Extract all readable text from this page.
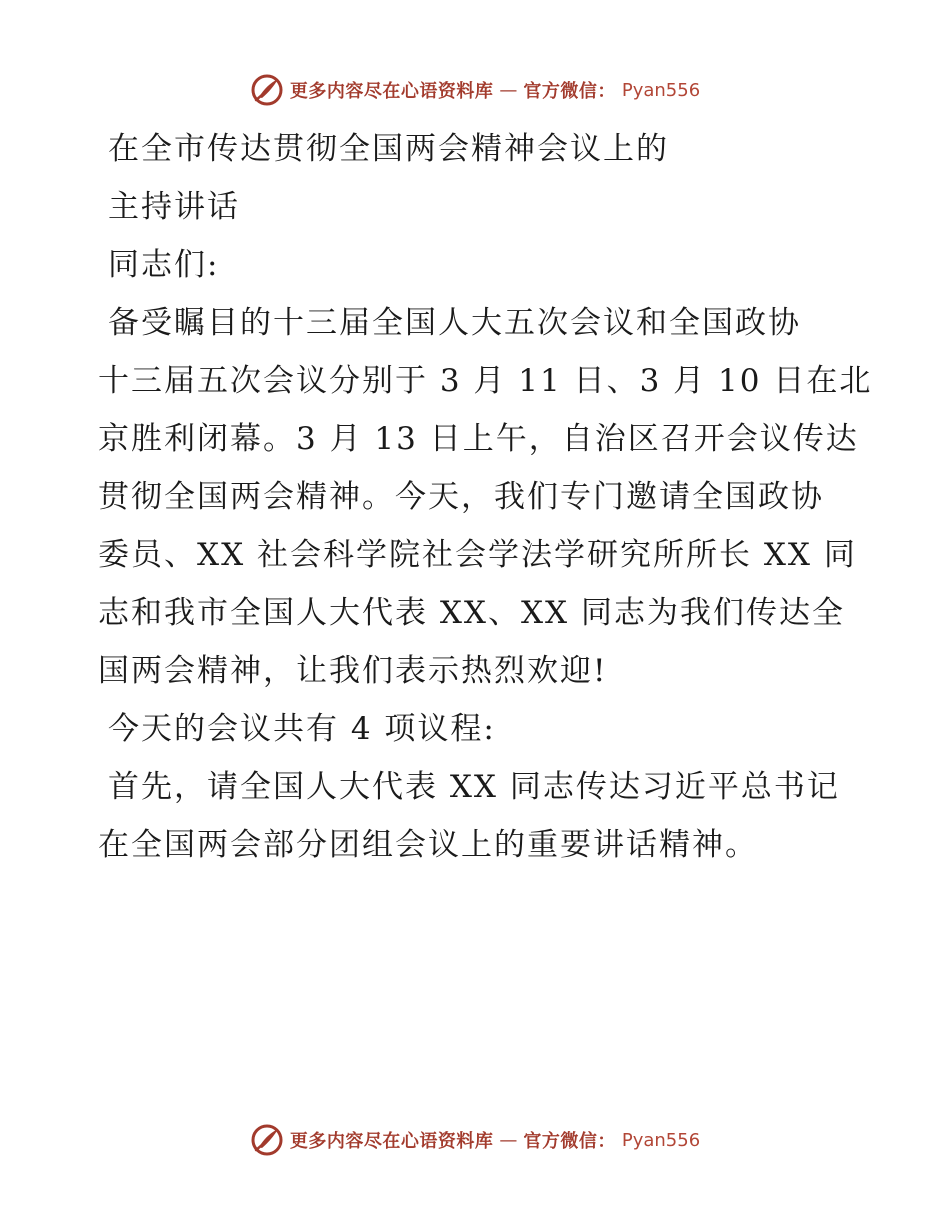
更多内容尽在心语资料库 — 官方微信： Pyan556
在全市传达贯彻全国两会精神会议上的
主持讲话
同志们:
备受瞩目的十三届全国人大五次会议和全国政协
十三届五次会议分别于 3 月 11 日、3 月 10 日在北
京胜利闭幕。3 月 13 日上午，自治区召开会议传达
贯彻全国两会精神。今天，我们专门邀请全国政协
委员、XX 社会科学院社会学法学研究所所长 XX 同
志和我市全国人大代表 XX、XX 同志为我们传达全
国两会精神，让我们表示热烈欢迎!
今天的会议共有 4 项议程:
首先，请全国人大代表 XX 同志传达习近平总书记
在全国两会部分团组会议上的重要讲话精神。
更多内容尽在心语资料库 — 官方微信： Pyan556
